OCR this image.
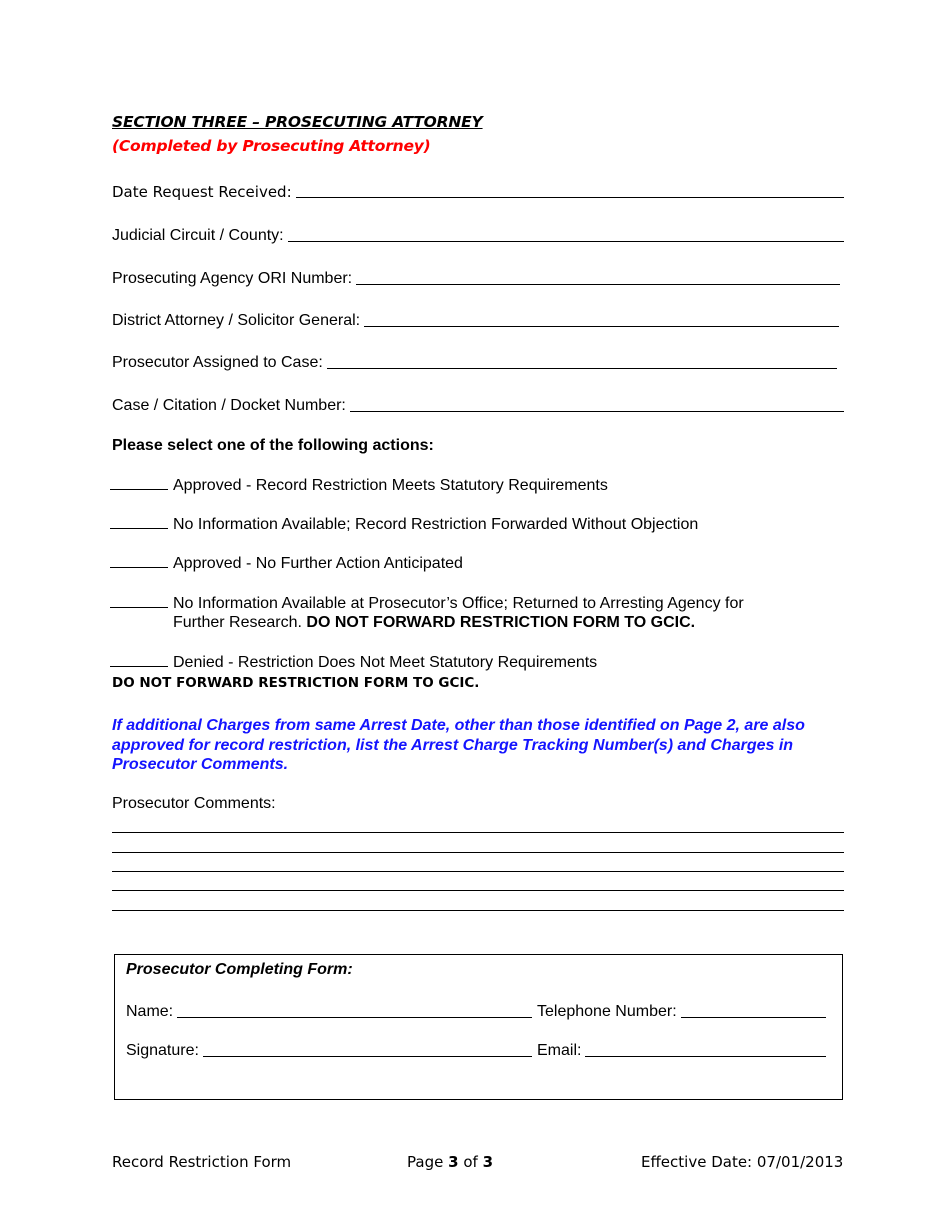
SECTION THREE – PROSECUTING ATTORNEY
(Completed by Prosecuting Attorney)
Date Request Received:
Judicial Circuit / County:
Prosecuting Agency ORI Number:
District Attorney / Solicitor General:
Prosecutor Assigned to Case:
Case / Citation / Docket Number:
Please select one of the following actions:
Approved - Record Restriction Meets Statutory Requirements
No Information Available; Record Restriction Forwarded Without Objection
Approved - No Further Action Anticipated
No Information Available at Prosecutor’s Office; Returned to Arresting Agency for
Further Research. DO NOT FORWARD RESTRICTION FORM TO GCIC.
Denied - Restriction Does Not Meet Statutory Requirements
DO NOT FORWARD RESTRICTION FORM TO GCIC.
If additional Charges from same Arrest Date, other than those identified on Page 2, are also approved for record restriction, list the Arrest Charge Tracking Number(s) and Charges in Prosecutor Comments.
Prosecutor Comments:
Prosecutor Completing Form:
Name:	Telephone Number:
Signature:	Email:
Record Restriction Form	Page 3 of 3	Effective Date: 07/01/2013
